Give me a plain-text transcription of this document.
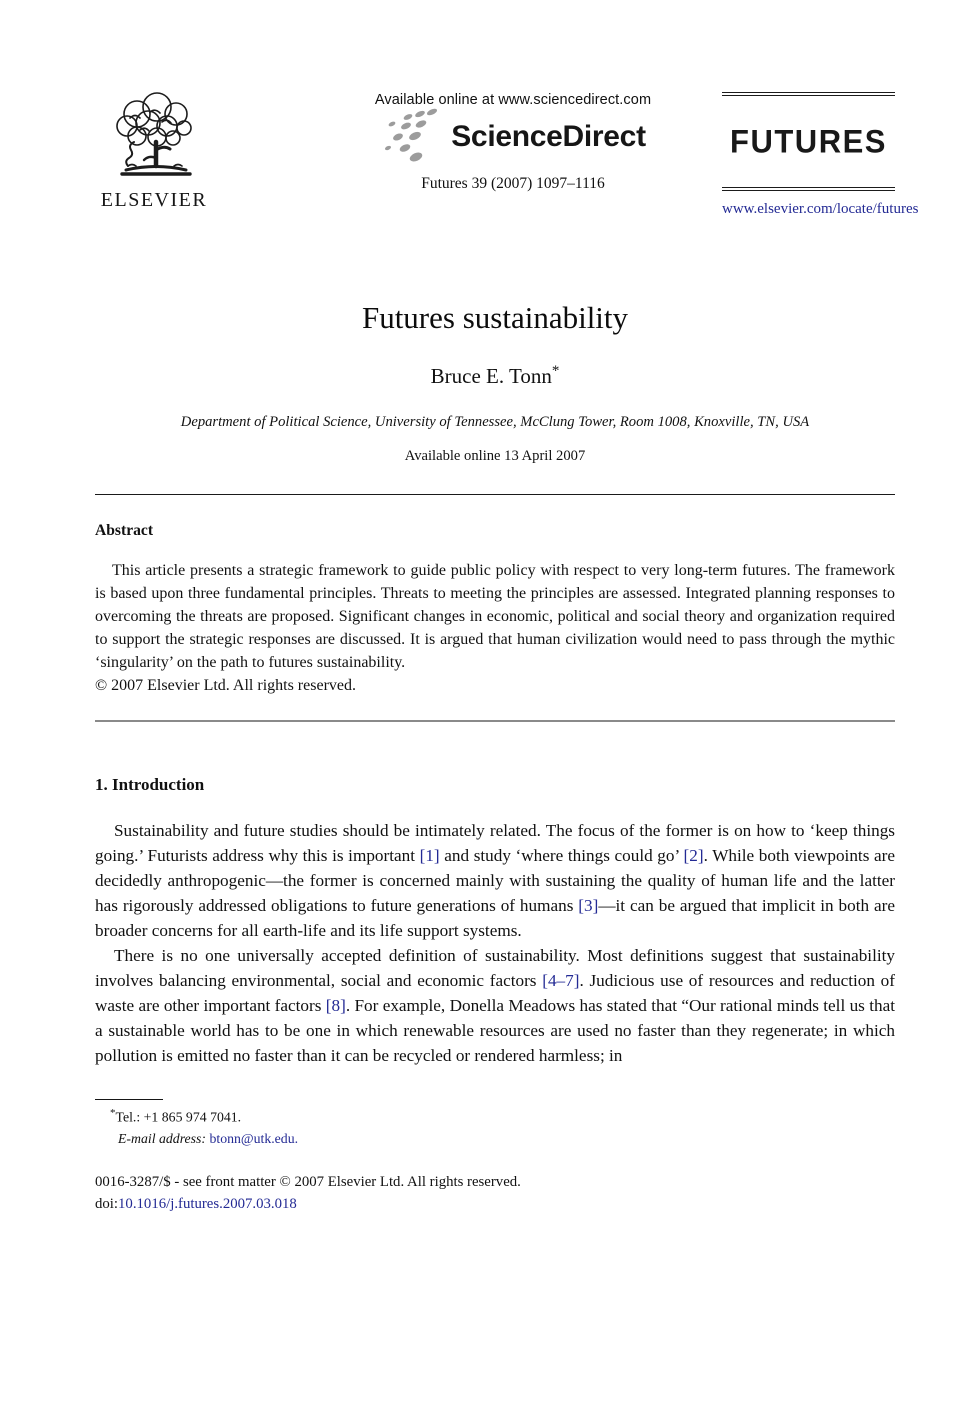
ELSEVIER
Available online at www.sciencedirect.com
ScienceDirect
Futures 39 (2007) 1097–1116
FUTURES
www.elsevier.com/locate/futures
Futures sustainability
Bruce E. Tonn*
Department of Political Science, University of Tennessee, McClung Tower, Room 1008, Knoxville, TN, USA
Available online 13 April 2007
Abstract

This article presents a strategic framework to guide public policy with respect to very long-term futures. The framework is based upon three fundamental principles. Threats to meeting the principles are assessed. Integrated planning responses to overcoming the threats are proposed. Significant changes in economic, political and social theory and organization required to support the strategic responses are discussed. It is argued that human civilization would need to pass through the mythic ‘singularity’ on the path to futures sustainability.

© 2007 Elsevier Ltd. All rights reserved.

1. Introduction

Sustainability and future studies should be intimately related. The focus of the former is on how to ‘keep things going.’ Futurists address why this is important [1] and study ‘where things could go’ [2]. While both viewpoints are decidedly anthropogenic—the former is concerned mainly with sustaining the quality of human life and the latter has rigorously addressed obligations to future generations of humans [3]—it can be argued that implicit in both are broader concerns for all earth-life and its life support systems.

There is no one universally accepted definition of sustainability. Most definitions suggest that sustainability involves balancing environmental, social and economic factors [4–7]. Judicious use of resources and reduction of waste are other important factors [8]. For example, Donella Meadows has stated that “Our rational minds tell us that a sustainable world has to be one in which renewable resources are used no faster than they regenerate; in which pollution is emitted no faster than it can be recycled or rendered harmless; in

*Tel.: +1 865 974 7041.
E-mail address: btonn@utk.edu.
0016-3287/$ - see front matter © 2007 Elsevier Ltd. All rights reserved.
doi:10.1016/j.futures.2007.03.018
